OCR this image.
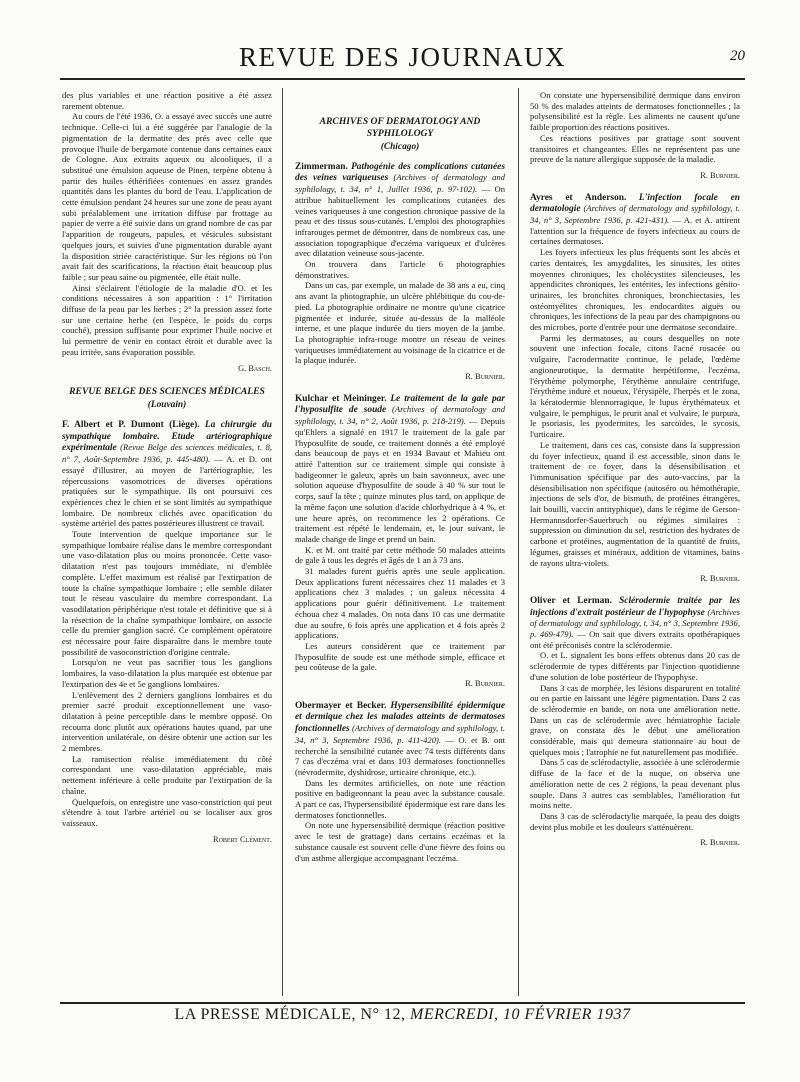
REVUE DES JOURNAUX	20

des plus variables et une réaction positive a été assez rarement obtenue.

Au cours de l'été 1936, O. a essayé avec succès une autre technique. Celle-ci lui a été suggérée par l'analogie de la pigmentation de la dermatite des prés avec celle que provoque l'huile de bergamote contenue dans certaines eaux de Cologne. Aux extraits aqueux ou alcooliques, il a substitué une émulsion aqueuse de Pinen, terpène obtenu à partir des huiles éthérifiées contenues en assez grandes quantités dans les plantes du bord de l'eau. L'application de cette émulsion pendant 24 heures sur une zone de peau ayant subi préalablement une irritation diffuse par frottage au papier de verre a été suivie dans un grand nombre de cas par l'apparition de rougeurs, papules, et vésicules subsistant quelques jours, et suivies d'une pigmentation durable ayant la disposition striée caractéristique. Sur les régions où l'on avait fait des scarifications, la réaction était beaucoup plus faible ; sur peau saine ou pigmentée, elle était nulle.

Ainsi s'éclairent l'étiologie de la maladie d'O. et les conditions nécessaires à son apparition : 1° l'irritation diffuse de la peau par les herbes ; 2° la pression assez forte sur une certaine herbe (en l'espèce, le poids du corps couché), pression suffisante pour exprimer l'huile nocive et lui permettre de venir en contact étroit et durable avec la peau irritée, sans évaporation possible.

G. Basch.
REVUE BELGE DES SCIENCES MÉDICALES
(Louvain)

F. Albert et P. Dumont (Liège). La chirurgie du sympathique lombaire. Etude artériographique expérimentale (Revue Belge des sciences médicales, t. 8, n° 7, Août-Septembre 1936, p. 445-480). — A. et D. ont essayé d'illustrer, au moyen de l'artériographie, les répercussions vasomotrices de diverses opérations pratiquées sur le sympathique. Ils ont poursuivi ces expériences chez le chien et se sont limités au sympathique lombaire. De nombreux clichés avec opacification du système artériel des pattes postérieures illustrent ce travail.

Toute intervention de quelque importance sur le sympathique lombaire réalise dans le membre correspondant une vaso-dilatation plus ou moins prononcée. Cette vaso-dilatation n'est pas toujours immédiate, ni d'emblée complète. L'effet maximum est réalisé par l'extirpation de toute la chaîne sympathique lombaire ; elle semble dilater tout le réseau vasculaire du membre correspondant. La vasodilatation périphérique n'est totale et définitive que si à la résection de la chaîne sympathique lombaire, on associe celle du premier ganglion sacré. Ce complément opératoire est nécessaire pour faire disparaître dans le membre toute possibilité de vasoconstriction d'origine centrale.

Lorsqu'on ne veut pas sacrifier tous les ganglions lombaires, la vaso-dilatation la plus marquée est obtenue par l'extirpation des 4e et 5e ganglions lombaires.

L'enlèvement des 2 derniers ganglions lombaires et du premier sacré produit exceptionnellement une vaso-dilatation à peine perceptible dans le membre opposé. On recourra donc plutôt aux opérations hautes quand, par une intervention unilatérale, on désire obtenir une action sur les 2 membres.

La ramisection réalise immédiatement du côté correspondant une vaso-dilatation appréciable, mais nettement inférieure à celle produite par l'extirpation de la chaîne.

Quelquefois, on enregistre une vaso-constriction qui peut s'étendre à tout l'arbre artériel ou se localiser aux gros vaisseaux.

Robert Clément.
ARCHIVES OF DERMATOLOGY AND SYPHILOLOGY
(Chicago)

Zimmerman. Pathogénie des complications cutanées des veines variqueuses (Archives of dermatology and syphilology, t. 34, n° 1, Juillet 1936, p. 97-102). — On attribue habituellement les complications cutanées des veines variqueuses à une congestion chronique passive de la peau et des tissus sous-cutanés. L'emploi des photographies infrarouges permet de démontrer, dans de nombreux cas, une association topographique d'eczéma variqueux et d'ulcères avec dilatation veineuse sous-jacente.

On trouvera dans l'article 6 photographies démonstratives.

Dans un cas, par exemple, un malade de 38 ans a eu, cinq ans avant la photographie, un ulcère phlébitique du cou-de-pied. La photographie ordinaire ne montre qu'une cicatrice pigmentée et indurée, située au-dessus de la malléole interne, et une plaque indurée du tiers moyen de la jambe. La photographie infra-rouge montre un réseau de veines variqueuses immédiatement au voisinage de la cicatrice et de la plaque indurée.

R. Burnier.

Kulchar et Meininger. Le traitement de la gale par l'hyposulfite de soude (Archives of dermatology and syphilology, t. 34, n° 2, Août 1936, p. 218-219). — Depuis qu'Ehlers a signalé en 1917 le traitement de la gale par l'hyposulfite de soude, ce traitement donnés a été employé dans beaucoup de pays et en 1934 Bavaut et Mahieu ont attiré l'attention sur ce traitement simple qui consiste à badigeonner le galeux, après un bain savonneux, avec une solution aqueuse d'hyposulfite de soude à 40 % sur tout le corps, sauf la tête ; quinze minutes plus tard, on applique de la même façon une solution d'acide chlorhydrique à 4 %, et une heure après, on recommence les 2 opérations. Ce traitement est répété le lendemain, et, le jour suivant, le malade change de linge et prend un bain.

K. et M. ont traité par cette méthode 50 malades atteints de gale à tous les degrés et âgés de 1 an à 73 ans.

31 malades furent guéris après une seule application. Deux applications furent nécessaires chez 11 malades et 3 applications chez 3 malades ; un galeux nécessita 4 applications pour guérir définitivement. Le traitement échoua chez 4 malades. On nota dans 10 cas une dermatite due au soufre, 6 fois après une application et 4 fois après 2 applications.

Les auteurs considèrent que ce traitement par l'hyposulfite de soude est une méthode simple, efficace et peu coûteuse de la gale.

R. Burnier.

Obermayer et Becker. Hypersensibilité épidermique et dermique chez les malades atteints de dermatoses fonctionnelles (Archives of dermatology and syphilology, t. 34, n° 3, Septembre 1936, p. 411-420). — O. et B. ont recherché la sensibilité cutanée avec 74 tests différents dans 7 cas d'eczéma vrai et dans 103 dermatoses fonctionnelles (névrodermite, dyshidrose, urticaire chronique, etc.).

Dans les dermites artificielles, on note une réaction positive en badigeonnant la peau avec la substance causale. A part ce cas, l'hypersensibilité épidermique est rare dans les dermatoses fonctionnelles.

On note une hypersensibilité dermique (réaction positive avec le test de grattage) dans certains eczémas et la substance causale est souvent celle d'une fièvre des foins ou d'un asthme allergique accompagnant l'eczéma.

On constate une hypersensibilité dermique dans environ 50 % des malades atteints de dermatoses fonctionnelles ; la polysensibilité est la règle. Les aliments ne causent qu'une faible proportion des réactions positives.

Ces réactions positives par grattage sont souvent transitoires et changeantes. Elles ne représentent pas une preuve de la nature allergique supposée de la maladie.

R. Burnier.

Ayres et Anderson. L'infection focale en dermatologie (Archives of dermatology and syphilology, t. 34, n° 3, Septembre 1936, p. 421-431). — A. et A. attirent l'attention sur la fréquence de foyers infectieux au cours de certaines dermatoses.

Les foyers infectieux les plus fréquents sont les abcès et caries dentaires, les amygdalites, les sinusites, les otites moyennes chroniques, les cholécystites silencieuses, les appendicites chroniques, les entérites, les infections génito-urinaires, les bronchites chroniques, bronchiectasies, les ostéomyélites chroniques, les endocardites aiguës ou chroniques, les infections de la peau par des champignons ou des microbes, porte d'entrée pour une dermatose secondaire.

Parmi les dermatoses, au cours desquelles on note souvent une infection focale, citons l'acné rosacée ou vulgaire, l'acrodermatite continue, le pelade, l'œdème angioneurotique, la dermatite herpétiforme, l'eczéma, l'érythème polymorphe, l'érythème annulaire centrifuge, l'érythème induré et noueux, l'érysipèle, l'herpès et le zona, la kératodermie blennorragique, le lupus érythémateux et vulgaire, le pemphigus, le prurit anal et vulvaire, le purpura, le psoriasis, les pyodermites, les sarcoïdes, le sycosis, l'urticaire.

Le traitement, dans ces cas, consiste dans la suppression du foyer infectieux, quand il est accessible, sinon dans le traitement de ce foyer, dans la désensibilisation et l'immunisation spécifique par des auto-vaccins, par la désensibilisation non spécifique (autosérо ou hémothérapie, injections de sels d'or, de bismuth, de protéines étrangères, lait bouilli, vaccin antityphique), dans le régime de Gerson-Hermannsdorfer-Sauerbruch ou régimes similaires : suppression ou diminution du sel, restriction des hydrates de carbone et protéines, augmentation de la quantité de fruits, légumes, graisses et minéraux, addition de vitamines, bains de rayons ultra-violets.

R. Burnier.

Oliver et Lerman. Sclérodermie traitée par les injections d'extrait postérieur de l'hypophyse (Archives of dermatology and syphilology, t. 34, n° 3, Septembre 1936, p. 469-479). — On sait que divers extraits opothérapiques ont été préconisés contre la sclérodermie.

O. et L. signalent les bons effets obtenus dans 20 cas de sclérodermie de types différents par l'injection quotidienne d'une solution de lobe postérieur de l'hypophyse.

Dans 3 cas de morphée, les lésions disparurent en totalité ou en partie en laissant une légère pigmentation. Dans 2 cas de sclérodermie en bande, on nota une amélioration nette. Dans un cas de sclérodermie avec hémiatrophie faciale grave, on constata dès le début une amélioration considérable, mais qui demeura stationnaire au bout de quelques mois ; l'atrophie ne fut naturellement pas modifiée.

Dans 5 cas de sclérodactylie, associée à une sclérodermie diffuse de la face et de la nuque, on observa une amélioration nette de ces 2 régions, la peau devenant plus souple. Dans 3 autres cas semblables, l'amélioration fut moins nette.

Dans 3 cas de sclérodactylie marquée, la peau des doigts devint plus mobile et les douleurs s'atténuèrent.

R. Burnier.
LA PRESSE MÉDICALE, N° 12, MERCREDI, 10 FÉVRIER 1937
